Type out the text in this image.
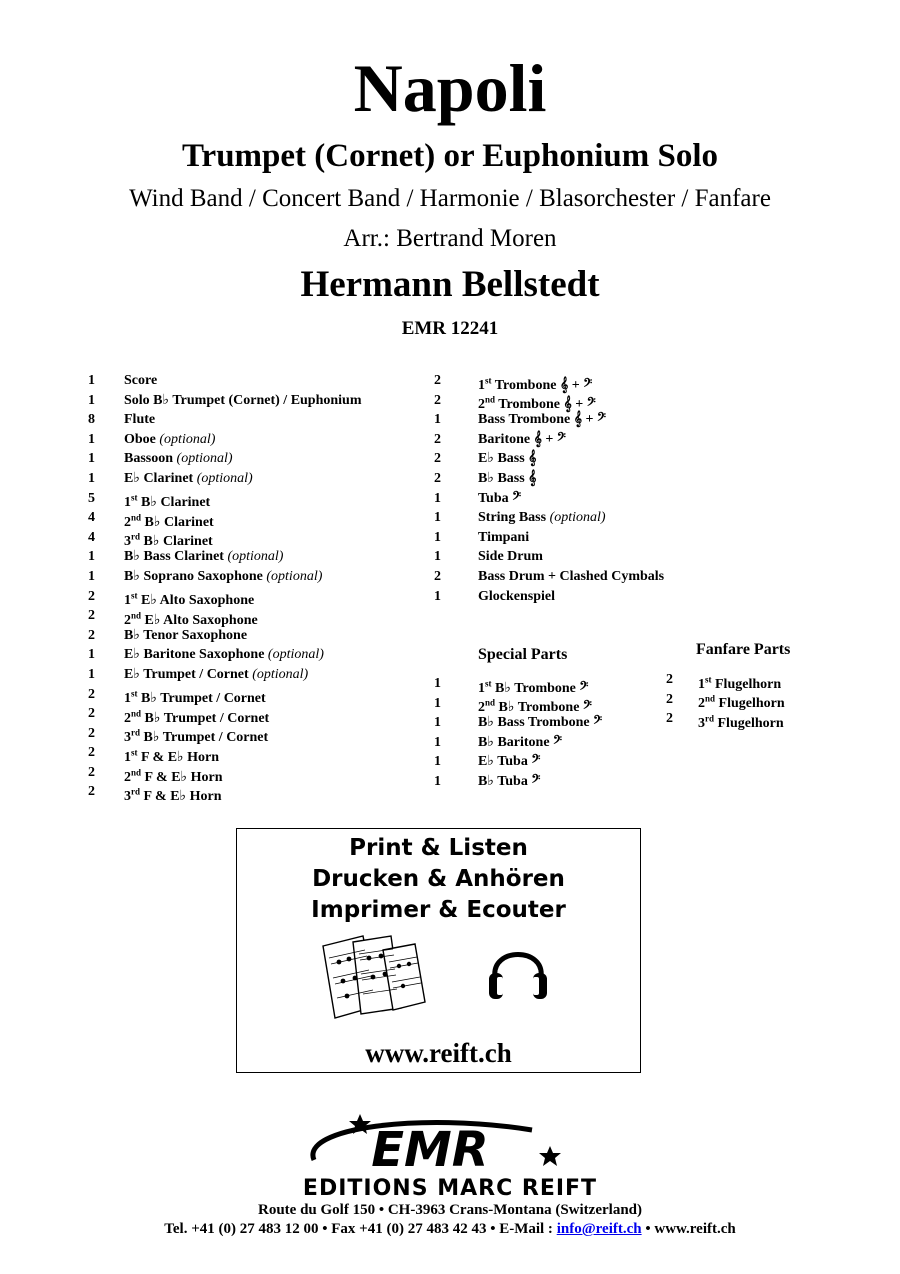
Napoli
Trumpet (Cornet) or Euphonium Solo
Wind Band / Concert Band / Harmonie / Blasorchester / Fanfare
Arr.: Bertrand Moren
Hermann Bellstedt
EMR 12241
1 Score
1 Solo B♭ Trumpet (Cornet) / Euphonium
8 Flute
1 Oboe (optional)
1 Bassoon (optional)
1 E♭ Clarinet (optional)
5 1st B♭ Clarinet
4 2nd B♭ Clarinet
4 3rd B♭ Clarinet
1 B♭ Bass Clarinet (optional)
1 B♭ Soprano Saxophone (optional)
2 1st E♭ Alto Saxophone
2 2nd E♭ Alto Saxophone
2 B♭ Tenor Saxophone
1 E♭ Baritone Saxophone (optional)
1 E♭ Trumpet / Cornet (optional)
2 1st B♭ Trumpet / Cornet
2 2nd B♭ Trumpet / Cornet
2 3rd B♭ Trumpet / Cornet
2 1st F & E♭ Horn
2 2nd F & E♭ Horn
2 3rd F & E♭ Horn
2	1st Trombone 𝄞 + 𝄢
2	2nd Trombone 𝄞 + 𝄢
1	Bass Trombone 𝄞 + 𝄢
2	Baritone 𝄞 + 𝄢
2	E♭ Bass 𝄞
2	B♭ Bass 𝄞
1	Tuba 𝄢
1	String Bass (optional)
1	Timpani
1	Side Drum
2	Bass Drum + Clashed Cymbals
1	Glockenspiel
Special Parts
1	1st B♭ Trombone 𝄢
1	2nd B♭ Trombone 𝄢
1	B♭ Bass Trombone 𝄢
1	B♭ Baritone 𝄢
1	E♭ Tuba 𝄢
1	B♭ Tuba 𝄢
Fanfare Parts
2 1st Flugelhorn
2 2nd Flugelhorn
2 3rd Flugelhorn
Print & Listen
Drucken & Anhören
Imprimer & Ecouter
www.reift.ch
EMR
EDITIONS MARC REIFT
Route du Golf 150 • CH-3963 Crans-Montana (Switzerland)
Tel. +41 (0) 27 483 12 00 • Fax +41 (0) 27 483 42 43 • E-Mail : info@reift.ch • www.reift.ch
